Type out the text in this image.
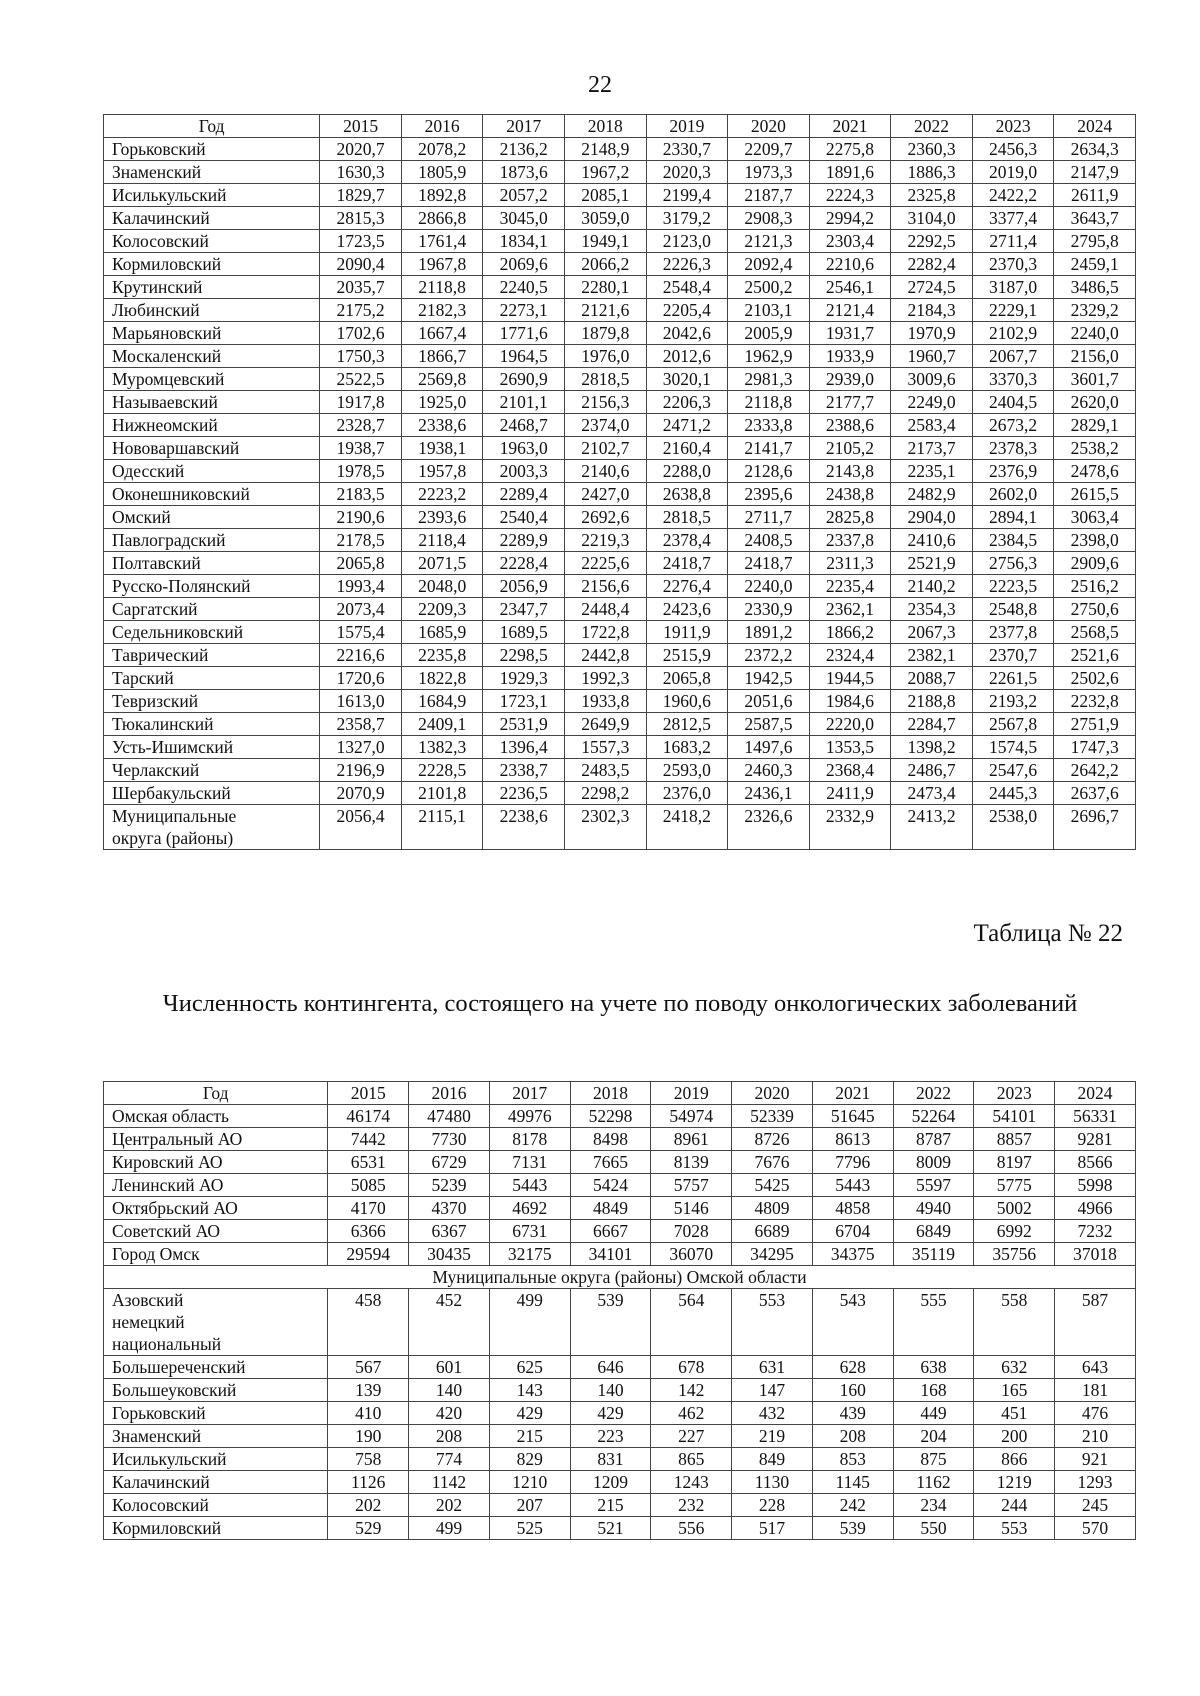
22
Год	2015	2016	2017	2018	2019	2020	2021	2022	2023	2024
Горьковский	2020,7	2078,2	2136,2	2148,9	2330,7	2209,7	2275,8	2360,3	2456,3	2634,3
Знаменский	1630,3	1805,9	1873,6	1967,2	2020,3	1973,3	1891,6	1886,3	2019,0	2147,9
Исилькульский	1829,7	1892,8	2057,2	2085,1	2199,4	2187,7	2224,3	2325,8	2422,2	2611,9
Калачинский	2815,3	2866,8	3045,0	3059,0	3179,2	2908,3	2994,2	3104,0	3377,4	3643,7
Колосовский	1723,5	1761,4	1834,1	1949,1	2123,0	2121,3	2303,4	2292,5	2711,4	2795,8
Кормиловский	2090,4	1967,8	2069,6	2066,2	2226,3	2092,4	2210,6	2282,4	2370,3	2459,1
Крутинский	2035,7	2118,8	2240,5	2280,1	2548,4	2500,2	2546,1	2724,5	3187,0	3486,5
Любинский	2175,2	2182,3	2273,1	2121,6	2205,4	2103,1	2121,4	2184,3	2229,1	2329,2
Марьяновский	1702,6	1667,4	1771,6	1879,8	2042,6	2005,9	1931,7	1970,9	2102,9	2240,0
Москаленский	1750,3	1866,7	1964,5	1976,0	2012,6	1962,9	1933,9	1960,7	2067,7	2156,0
Муромцевский	2522,5	2569,8	2690,9	2818,5	3020,1	2981,3	2939,0	3009,6	3370,3	3601,7
Называевский	1917,8	1925,0	2101,1	2156,3	2206,3	2118,8	2177,7	2249,0	2404,5	2620,0
Нижнеомский	2328,7	2338,6	2468,7	2374,0	2471,2	2333,8	2388,6	2583,4	2673,2	2829,1
Нововаршавский	1938,7	1938,1	1963,0	2102,7	2160,4	2141,7	2105,2	2173,7	2378,3	2538,2
Одесский	1978,5	1957,8	2003,3	2140,6	2288,0	2128,6	2143,8	2235,1	2376,9	2478,6
Оконешниковский	2183,5	2223,2	2289,4	2427,0	2638,8	2395,6	2438,8	2482,9	2602,0	2615,5
Омский	2190,6	2393,6	2540,4	2692,6	2818,5	2711,7	2825,8	2904,0	2894,1	3063,4
Павлоградский	2178,5	2118,4	2289,9	2219,3	2378,4	2408,5	2337,8	2410,6	2384,5	2398,0
Полтавский	2065,8	2071,5	2228,4	2225,6	2418,7	2418,7	2311,3	2521,9	2756,3	2909,6
Русско-Полянский	1993,4	2048,0	2056,9	2156,6	2276,4	2240,0	2235,4	2140,2	2223,5	2516,2
Саргатский	2073,4	2209,3	2347,7	2448,4	2423,6	2330,9	2362,1	2354,3	2548,8	2750,6
Седельниковский	1575,4	1685,9	1689,5	1722,8	1911,9	1891,2	1866,2	2067,3	2377,8	2568,5
Таврический	2216,6	2235,8	2298,5	2442,8	2515,9	2372,2	2324,4	2382,1	2370,7	2521,6
Тарский	1720,6	1822,8	1929,3	1992,3	2065,8	1942,5	1944,5	2088,7	2261,5	2502,6
Тевризский	1613,0	1684,9	1723,1	1933,8	1960,6	2051,6	1984,6	2188,8	2193,2	2232,8
Тюкалинский	2358,7	2409,1	2531,9	2649,9	2812,5	2587,5	2220,0	2284,7	2567,8	2751,9
Усть-Ишимский	1327,0	1382,3	1396,4	1557,3	1683,2	1497,6	1353,5	1398,2	1574,5	1747,3
Черлакский	2196,9	2228,5	2338,7	2483,5	2593,0	2460,3	2368,4	2486,7	2547,6	2642,2
Шербакульский	2070,9	2101,8	2236,5	2298,2	2376,0	2436,1	2411,9	2473,4	2445,3	2637,6
Муниципальные
округа (районы)	2056,4	2115,1	2238,6	2302,3	2418,2	2326,6	2332,9	2413,2	2538,0	2696,7
Таблица № 22
Численность контингента, состоящего на учете по поводу онкологических заболеваний
Год	2015	2016	2017	2018	2019	2020	2021	2022	2023	2024
Омская область	46174	47480	49976	52298	54974	52339	51645	52264	54101	56331
Центральный АО	7442	7730	8178	8498	8961	8726	8613	8787	8857	9281
Кировский АО	6531	6729	7131	7665	8139	7676	7796	8009	8197	8566
Ленинский АО	5085	5239	5443	5424	5757	5425	5443	5597	5775	5998
Октябрьский АО	4170	4370	4692	4849	5146	4809	4858	4940	5002	4966
Советский АО	6366	6367	6731	6667	7028	6689	6704	6849	6992	7232
Город Омск	29594	30435	32175	34101	36070	34295	34375	35119	35756	37018
Муниципальные округа (районы) Омской области										
Азовский
немецкий
национальный	458	452	499	539	564	553	543	555	558	587
Большереченский	567	601	625	646	678	631	628	638	632	643
Большеуковский	139	140	143	140	142	147	160	168	165	181
Горьковский	410	420	429	429	462	432	439	449	451	476
Знаменский	190	208	215	223	227	219	208	204	200	210
Исилькульский	758	774	829	831	865	849	853	875	866	921
Калачинский	1126	1142	1210	1209	1243	1130	1145	1162	1219	1293
Колосовский	202	202	207	215	232	228	242	234	244	245
Кормиловский	529	499	525	521	556	517	539	550	553	570
